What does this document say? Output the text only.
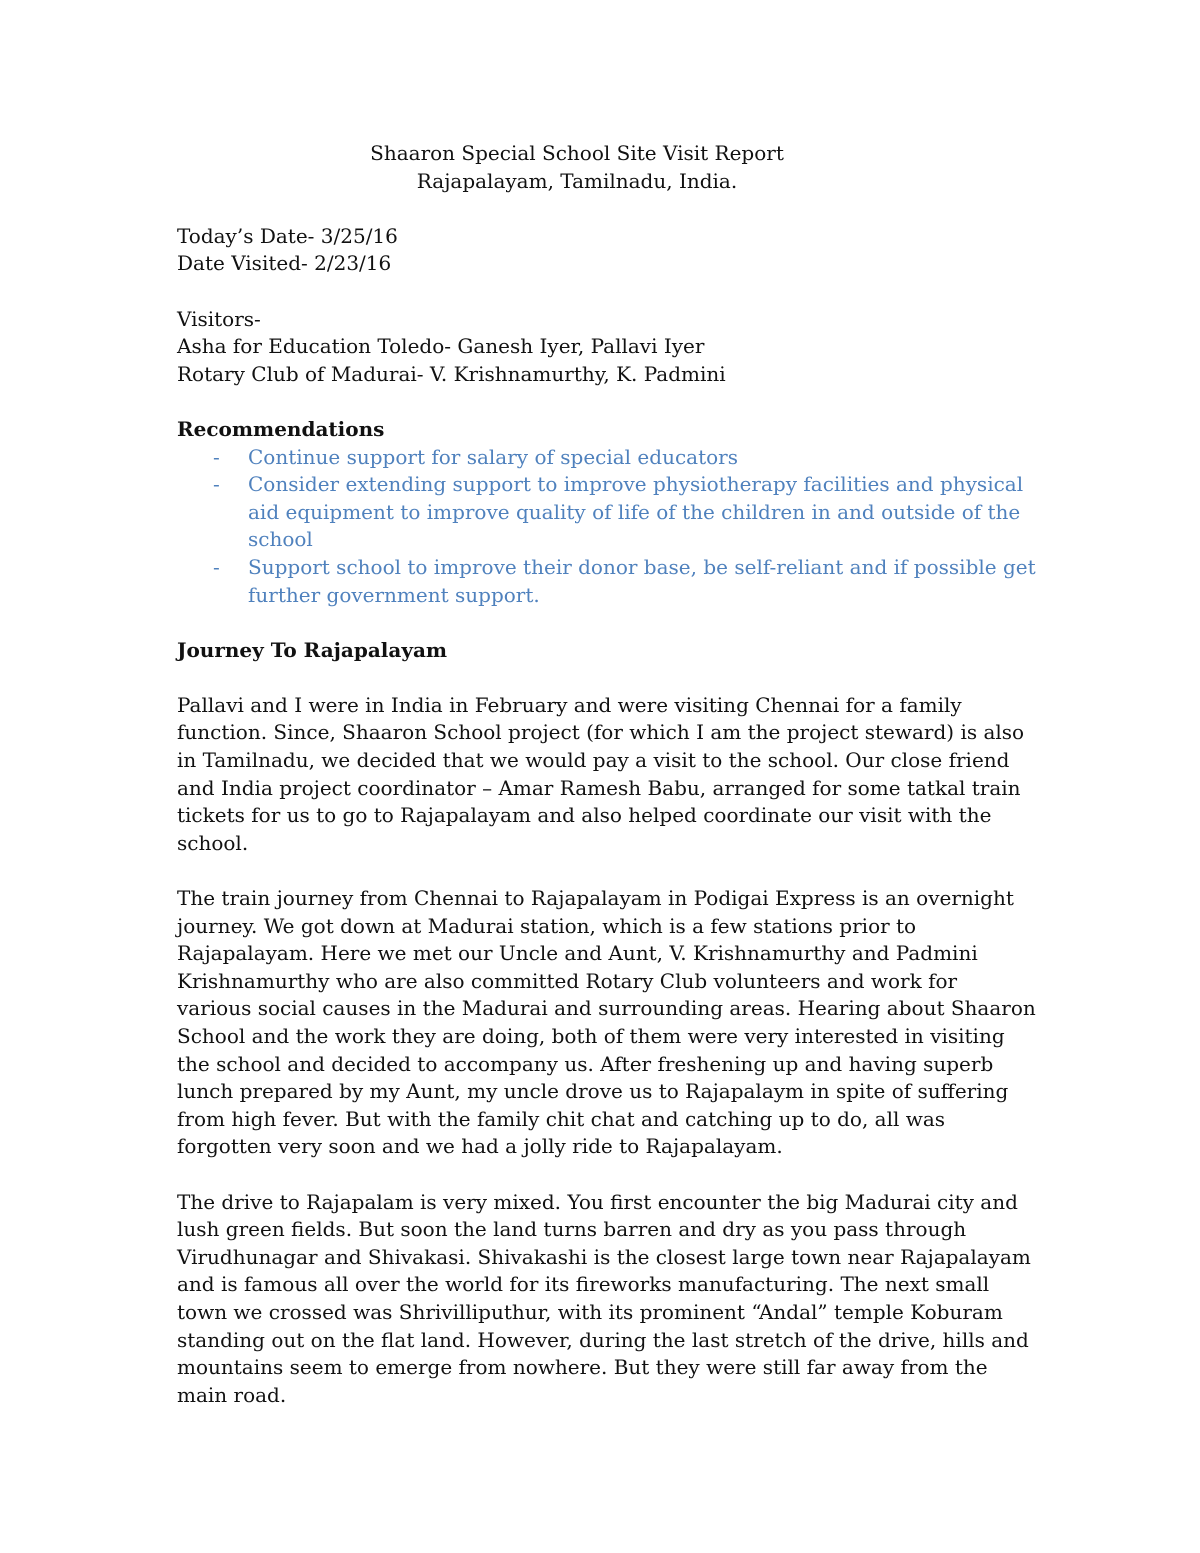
Shaaron Special School Site Visit Report
Rajapalayam, Tamilnadu, India.
Today’s Date- 3/25/16
Date Visited- 2/23/16
Visitors-
Asha for Education Toledo- Ganesh Iyer, Pallavi Iyer
Rotary Club of Madurai- V. Krishnamurthy, K. Padmini
Recommendations
- Continue support for salary of special educators
- Consider extending support to improve physiotherapy facilities and physical aid equipment to improve quality of life of the children in and outside of the school
- Support school to improve their donor base, be self-reliant and if possible get further government support.
Journey To Rajapalayam

Pallavi and I were in India in February and were visiting Chennai for a family function. Since, Shaaron School project (for which I am the project steward) is also in Tamilnadu, we decided that we would pay a visit to the school. Our close friend and India project coordinator – Amar Ramesh Babu, arranged for some tatkal train tickets for us to go to Rajapalayam and also helped coordinate our visit with the school.

The train journey from Chennai to Rajapalayam in Podigai Express is an overnight journey. We got down at Madurai station, which is a few stations prior to Rajapalayam. Here we met our Uncle and Aunt, V. Krishnamurthy and Padmini Krishnamurthy who are also committed Rotary Club volunteers and work for various social causes in the Madurai and surrounding areas. Hearing about Shaaron School and the work they are doing, both of them were very interested in visiting the school and decided to accompany us. After freshening up and having superb lunch prepared by my Aunt, my uncle drove us to Rajapalaym in spite of suffering from high fever. But with the family chit chat and catching up to do, all was forgotten very soon and we had a jolly ride to Rajapalayam.

The drive to Rajapalam is very mixed. You first encounter the big Madurai city and lush green fields. But soon the land turns barren and dry as you pass through Virudhunagar and Shivakasi. Shivakashi is the closest large town near Rajapalayam and is famous all over the world for its fireworks manufacturing. The next small town we crossed was Shrivilliputhur, with its prominent “Andal” temple Koburam standing out on the flat land. However, during the last stretch of the drive, hills and mountains seem to emerge from nowhere. But they were still far away from the main road.
